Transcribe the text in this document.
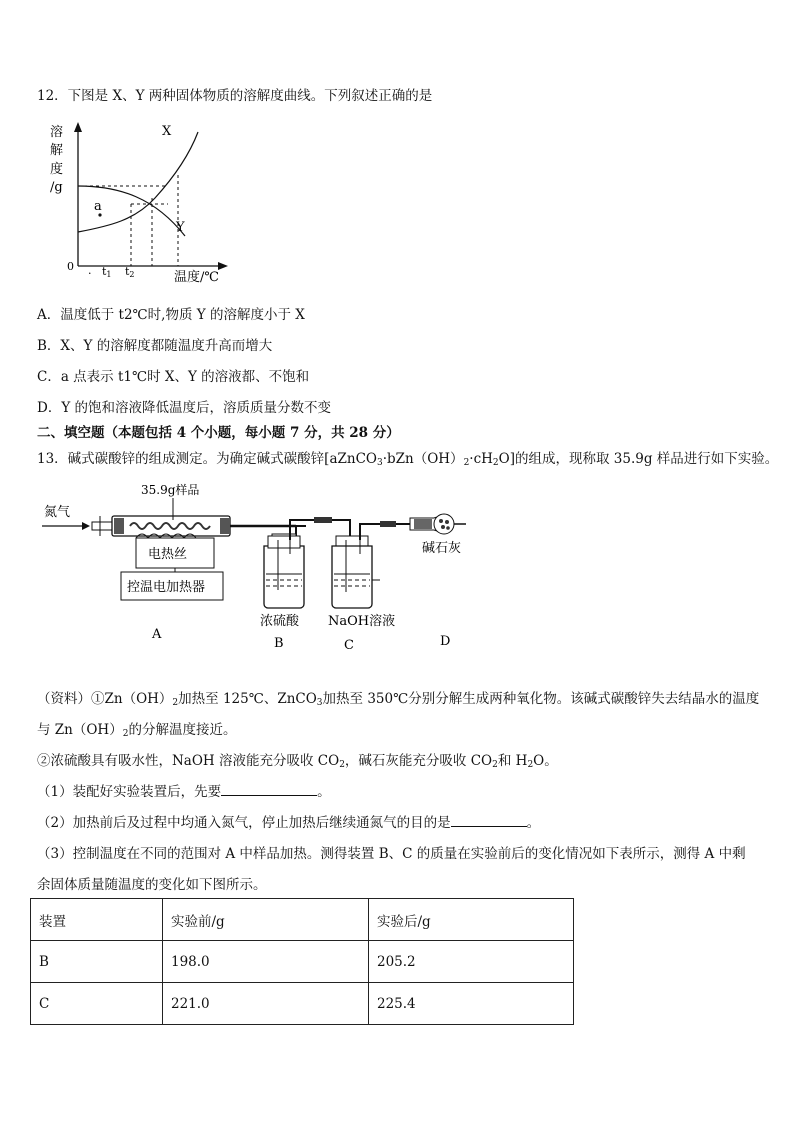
12．下图是 X、Y 两种固体物质的溶解度曲线。下列叙述正确的是
溶
解
度
/g
0
X
Y
a
. t1 t2	温度/℃
A．温度低于 t2℃时,物质 Y 的溶解度小于 X
B．X、Y 的溶解度都随温度升高而增大
C．a 点表示 t1℃时 X、Y 的溶液都、不饱和
D．Y 的饱和溶液降低温度后，溶质质量分数不变
二、填空题（本题包括 4 个小题，每小题 7 分，共 28 分）
13．碱式碳酸锌的组成测定。为确定碱式碳酸锌$[aZnCO_3\cdot bZn(OH)_2\cdot cH_2O]$的组成，现称取 35.9g 样品进行如下实验。
氮气
35.9g样品
电热丝
控温电加热器
浓硫酸 NaOH溶液
碱石灰
A
B	C	D
（资料）$①Zn(OH)_2$加热至 125℃、ZnCO$_3$加热至 350℃分别分解生成两种氧化物。该碱式碳酸锌失去结晶水的温度
与 $Zn(OH)_2$的分解温度接近。
②浓硫酸具有吸水性，NaOH 溶液能充分吸收 $CO_2$，碱石灰能充分吸收 $CO_2$和 $H_2O$。
（1）装配好实验装置后，先要	。
（2）加热前后及过程中均通入氮气，停止加热后继续通氮气的目的是	。
（3）控制温度在不同的范围对 A 中样品加热。测得装置 B、C 的质量在实验前后的变化情况如下表所示，测得 A 中剩
余固体质量随温度的变化如下图所示。
装置	实验前/g	实验后/g
B	198.0	205.2
C	221.0	225.4
